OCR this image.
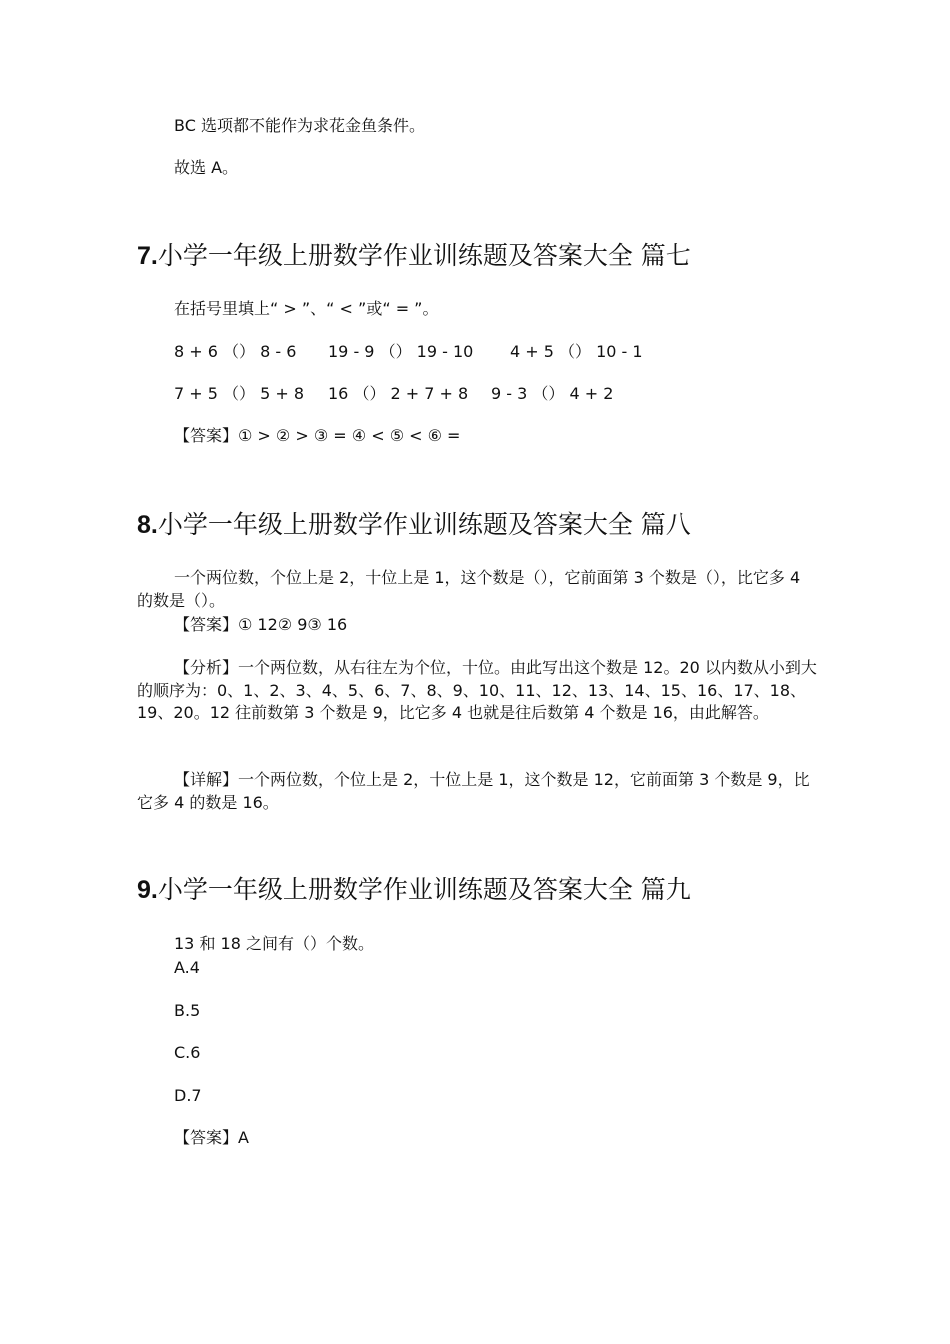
BC 选项都不能作为求花金鱼条件。
故选 A。
7.小学一年级上册数学作业训练题及答案大全 篇七
在括号里填上“ > ”、“ < ”或“ = ”。
8 + 6 （） 8 - 6 19 - 9 （） 19 - 10 4 + 5 （） 10 - 1
7 + 5 （） 5 + 8 16 （） 2 + 7 + 8 9 - 3 （） 4 + 2
【答案】① > ② > ③ = ④ < ⑤ < ⑥ =
8.小学一年级上册数学作业训练题及答案大全 篇八
一个两位数，个位上是 2，十位上是 1，这个数是（），它前面第 3 个数是（），比它多 4 的数是（）。
【答案】① 12② 9③ 16
【分析】一个两位数，从右往左为个位，十位。由此写出这个数是 12。20 以内数从小到大的顺序为：0、1、2、3、4、5、6、7、8、9、10、11、12、13、14、15、16、17、18、19、20。12 往前数第 3 个数是 9，比它多 4 也就是往后数第 4 个数是 16，由此解答。
【详解】一个两位数，个位上是 2，十位上是 1，这个数是 12，它前面第 3 个数是 9，比它多 4 的数是 16。
9.小学一年级上册数学作业训练题及答案大全 篇九
13 和 18 之间有（）个数。
A.4
B.5
C.6
D.7
【答案】A
